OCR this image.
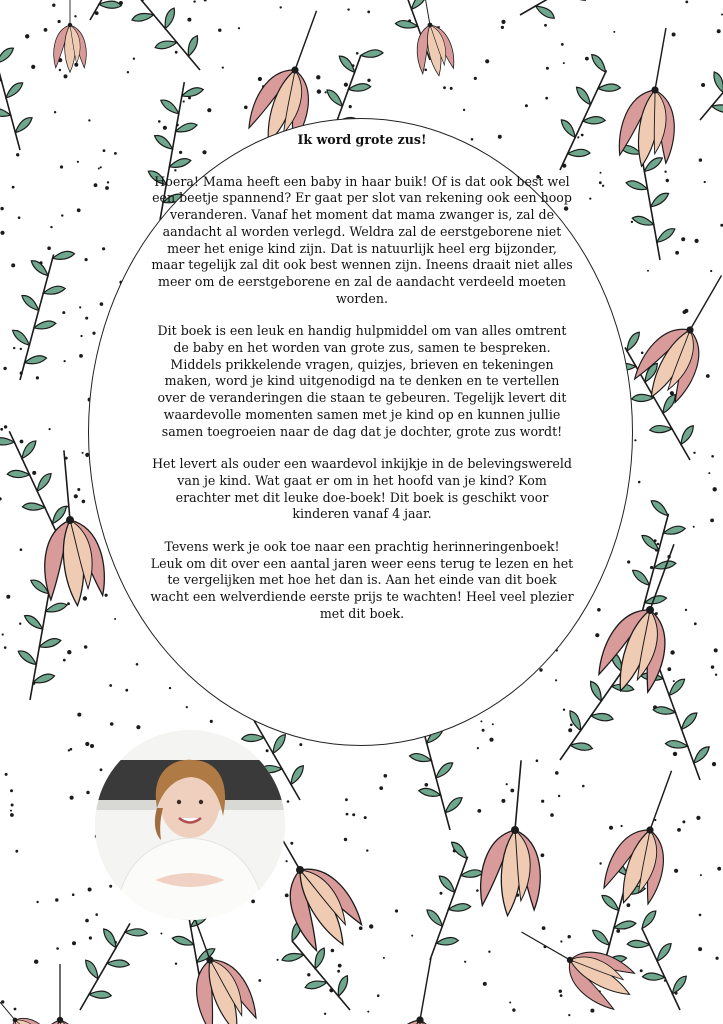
Ik word grote zus!

Hoera! Mama heeft een baby in haar buik! Of is dat ook best wel een beetje spannend? Er gaat per slot van rekening ook een hoop veranderen. Vanaf het moment dat mama zwanger is, zal de aandacht al worden verlegd. Weldra zal de eerstgeborene niet meer het enige kind zijn. Dat is natuurlijk heel erg bijzonder, maar tegelijk zal dit ook best wennen zijn. Ineens draait niet alles meer om de eerstgeborene en zal de aandacht verdeeld moeten worden.

Dit boek is een leuk en handig hulpmiddel om van alles omtrent de baby en het worden van grote zus, samen te bespreken. Middels prikkelende vragen, quizjes, brieven en tekeningen maken, word je kind uitgenodigd na te denken en te vertellen over de veranderingen die staan te gebeuren. Tegelijk levert dit waardevolle momenten samen met je kind op en kunnen jullie samen toegroeien naar de dag dat je dochter, grote zus wordt!

Het levert als ouder een waardevol inkijkje in de belevingswereld van je kind. Wat gaat er om in het hoofd van je kind? Kom erachter met dit leuke doe-boek! Dit boek is geschikt voor kinderen vanaf 4 jaar.

Tevens werk je ook toe naar een prachtig herinneringenboek! Leuk om dit over een aantal jaren weer eens terug te lezen en het te vergelijken met hoe het dan is. Aan het einde van dit boek wacht een welverdiende eerste prijs te wachten! Heel veel plezier met dit boek.
